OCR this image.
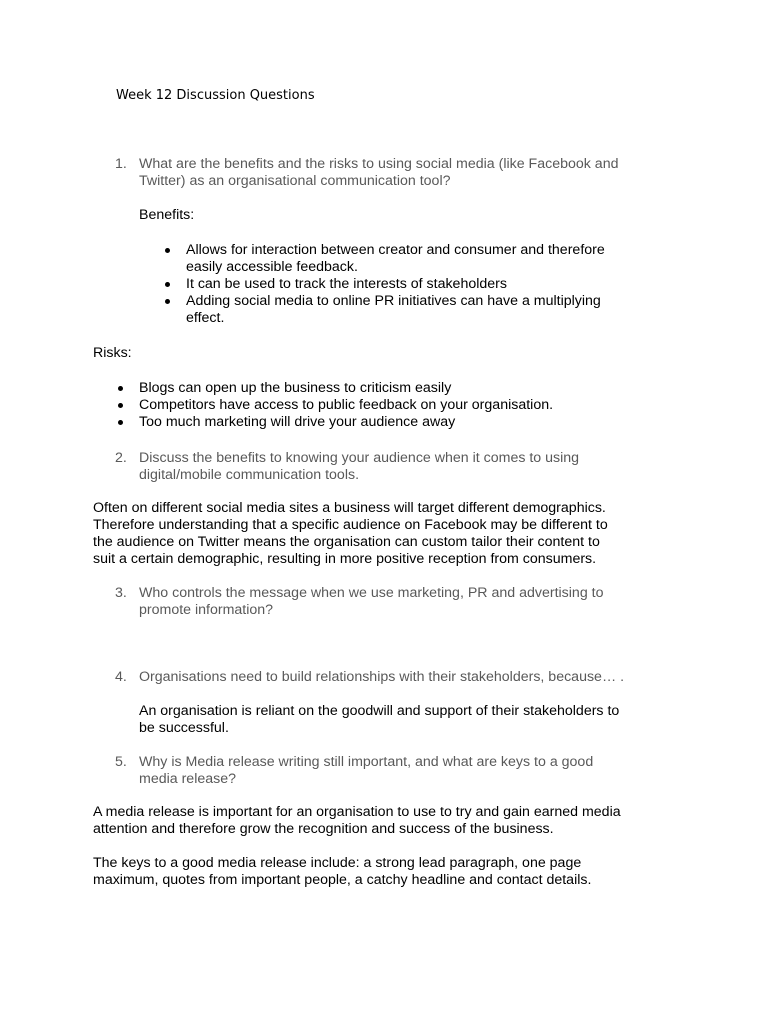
Week 12 Discussion Questions
1. What are the benefits and the risks to using social media (like Facebook and
Twitter) as an organisational communication tool?
Benefits:
Allows for interaction between creator and consumer and therefore
easily accessible feedback.
It can be used to track the interests of stakeholders
Adding social media to online PR initiatives can have a multiplying
effect.
Risks:
Blogs can open up the business to criticism easily
Competitors have access to public feedback on your organisation.
Too much marketing will drive your audience away
2. Discuss the benefits to knowing your audience when it comes to using
digital/mobile communication tools.
Often on different social media sites a business will target different demographics.
Therefore understanding that a specific audience on Facebook may be different to
the audience on Twitter means the organisation can custom tailor their content to
suit a certain demographic, resulting in more positive reception from consumers.
3. Who controls the message when we use marketing, PR and advertising to
promote information?
4. Organisations need to build relationships with their stakeholders, because… .
An organisation is reliant on the goodwill and support of their stakeholders to
be successful.
5. Why is Media release writing still important, and what are keys to a good
media release?
A media release is important for an organisation to use to try and gain earned media
attention and therefore grow the recognition and success of the business.
The keys to a good media release include: a strong lead paragraph, one page
maximum, quotes from important people, a catchy headline and contact details.
